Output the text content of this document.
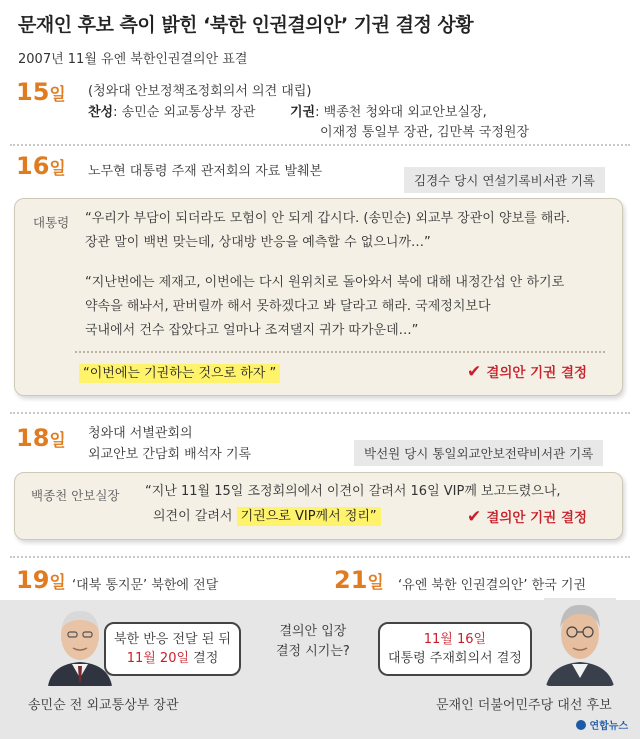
문재인 후보 측이 밝힌 ‘북한 인권결의안’ 기권 결정 상황
2007년 11월 유엔 북한인권결의안 표결
15일 (청와대 안보정책조정회의서 의견 대립)
찬성: 송민순 외교통상부 장관	기권: 백종천 청와대 외교안보실장,
이재정 통일부 장관, 김만복 국정원장
16일 노무현 대통령 주재 관저회의 자료 발췌본
김경수 당시 연설기록비서관 기록
대통령 “우리가 부담이 되더라도 모험이 안 되게 갑시다. (송민순) 외교부 장관이 양보를 해라.
장관 말이 백번 맞는데, 상대방 반응을 예측할 수 없으니까…”
“지난번에는 제재고, 이번에는 다시 원위치로 돌아와서 북에 대해 내정간섭 안 하기로
약속을 해놔서, 판버릴까 해서 못하겠다고 봐 달라고 해라. 국제정치보다
국내에서 건수 잡았다고 얼마나 조져댈지 귀가 따가운데…”
“이번에는 기권하는 것으로 하자 ”	✔ 결의안 기권 결정
18일 청와대 서별관회의
외교안보 간담회 배석자 기록	박선원 당시 통일외교안보전략비서관 기록
백종천 안보실장 “지난 11월 15일 조정회의에서 이견이 갈려서 16일 VIP께 보고드렸으나,
의견이 갈려서 기권으로 VIP께서 정리”	✔ 결의안 기권 결정
19일 ‘대북 통지문’ 북한에 전달	21일 ‘유엔 북한 인권결의안’ 한국 기권
북한 반응 전달 된 뒤
11월 20일 결정
결의안 입장
결정 시기는?
11월 16일
대통령 주재회의서 결정
송민순 전 외교통상부 장관	문재인 더불어민주당 대선 후보
연합뉴스
